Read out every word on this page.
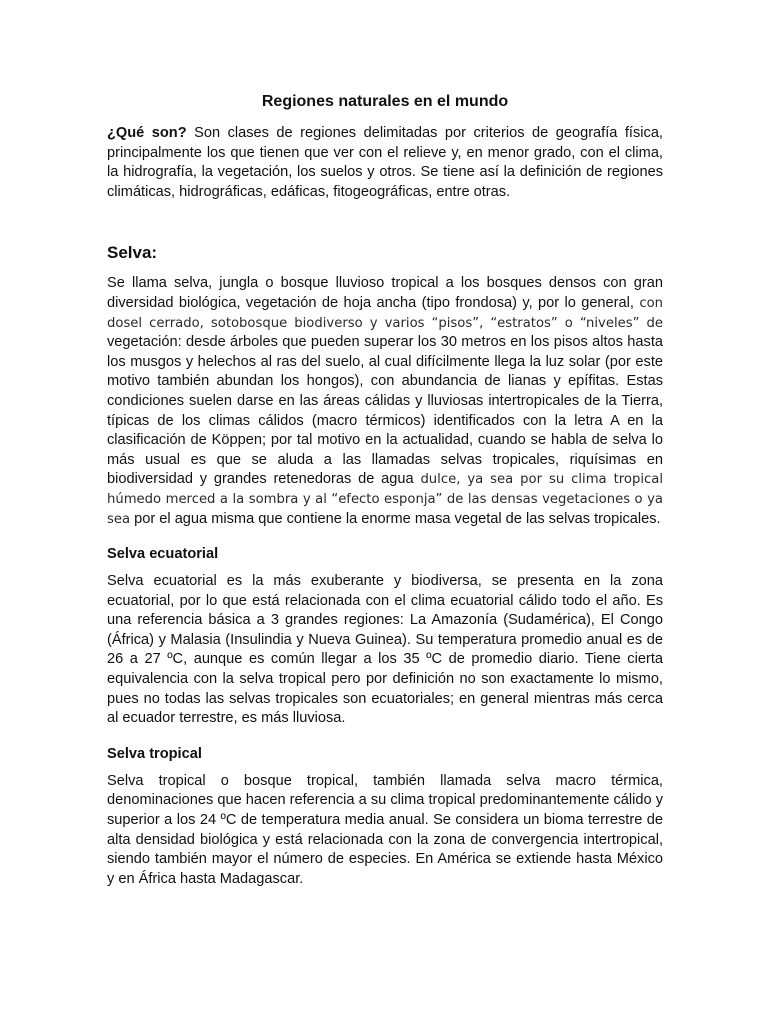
Regiones naturales en el mundo

¿Qué son? Son clases de regiones delimitadas por criterios de geografía física, principalmente los que tienen que ver con el relieve y, en menor grado, con el clima, la hidrografía, la vegetación, los suelos y otros. Se tiene así la definición de regiones climáticas, hidrográficas, edáficas, fitogeográficas, entre otras.

Selva:

Se llama selva, jungla o bosque lluvioso tropical a los bosques densos con gran diversidad biológica, vegetación de hoja ancha (tipo frondosa) y, por lo general, con dosel cerrado, sotobosque biodiverso y varios “pisos”, “estratos” o “niveles” de vegetación: desde árboles que pueden superar los 30 metros en los pisos altos hasta los musgos y helechos al ras del suelo, al cual difícilmente llega la luz solar (por este motivo también abundan los hongos), con abundancia de lianas y epífitas. Estas condiciones suelen darse en las áreas cálidas y lluviosas intertropicales de la Tierra, típicas de los climas cálidos (macro térmicos) identificados con la letra A en la clasificación de Köppen; por tal motivo en la actualidad, cuando se habla de selva lo más usual es que se aluda a las llamadas selvas tropicales, riquísimas en biodiversidad y grandes retenedoras de agua dulce, ya sea por su clima tropical húmedo merced a la sombra y al “efecto esponja” de las densas vegetaciones o ya sea por el agua misma que contiene la enorme masa vegetal de las selvas tropicales.

Selva ecuatorial

Selva ecuatorial es la más exuberante y biodiversa, se presenta en la zona ecuatorial, por lo que está relacionada con el clima ecuatorial cálido todo el año. Es una referencia básica a 3 grandes regiones: La Amazonía (Sudamérica), El Congo (África) y Malasia (Insulindia y Nueva Guinea). Su temperatura promedio anual es de 26 a 27 ºC, aunque es común llegar a los 35 ºC de promedio diario. Tiene cierta equivalencia con la selva tropical pero por definición no son exactamente lo mismo, pues no todas las selvas tropicales son ecuatoriales; en general mientras más cerca al ecuador terrestre, es más lluviosa.

Selva tropical

Selva tropical o bosque tropical, también llamada selva macro térmica, denominaciones que hacen referencia a su clima tropical predominantemente cálido y superior a los 24 ºC de temperatura media anual. Se considera un bioma terrestre de alta densidad biológica y está relacionada con la zona de convergencia intertropical, siendo también mayor el número de especies. En América se extiende hasta México y en África hasta Madagascar.
